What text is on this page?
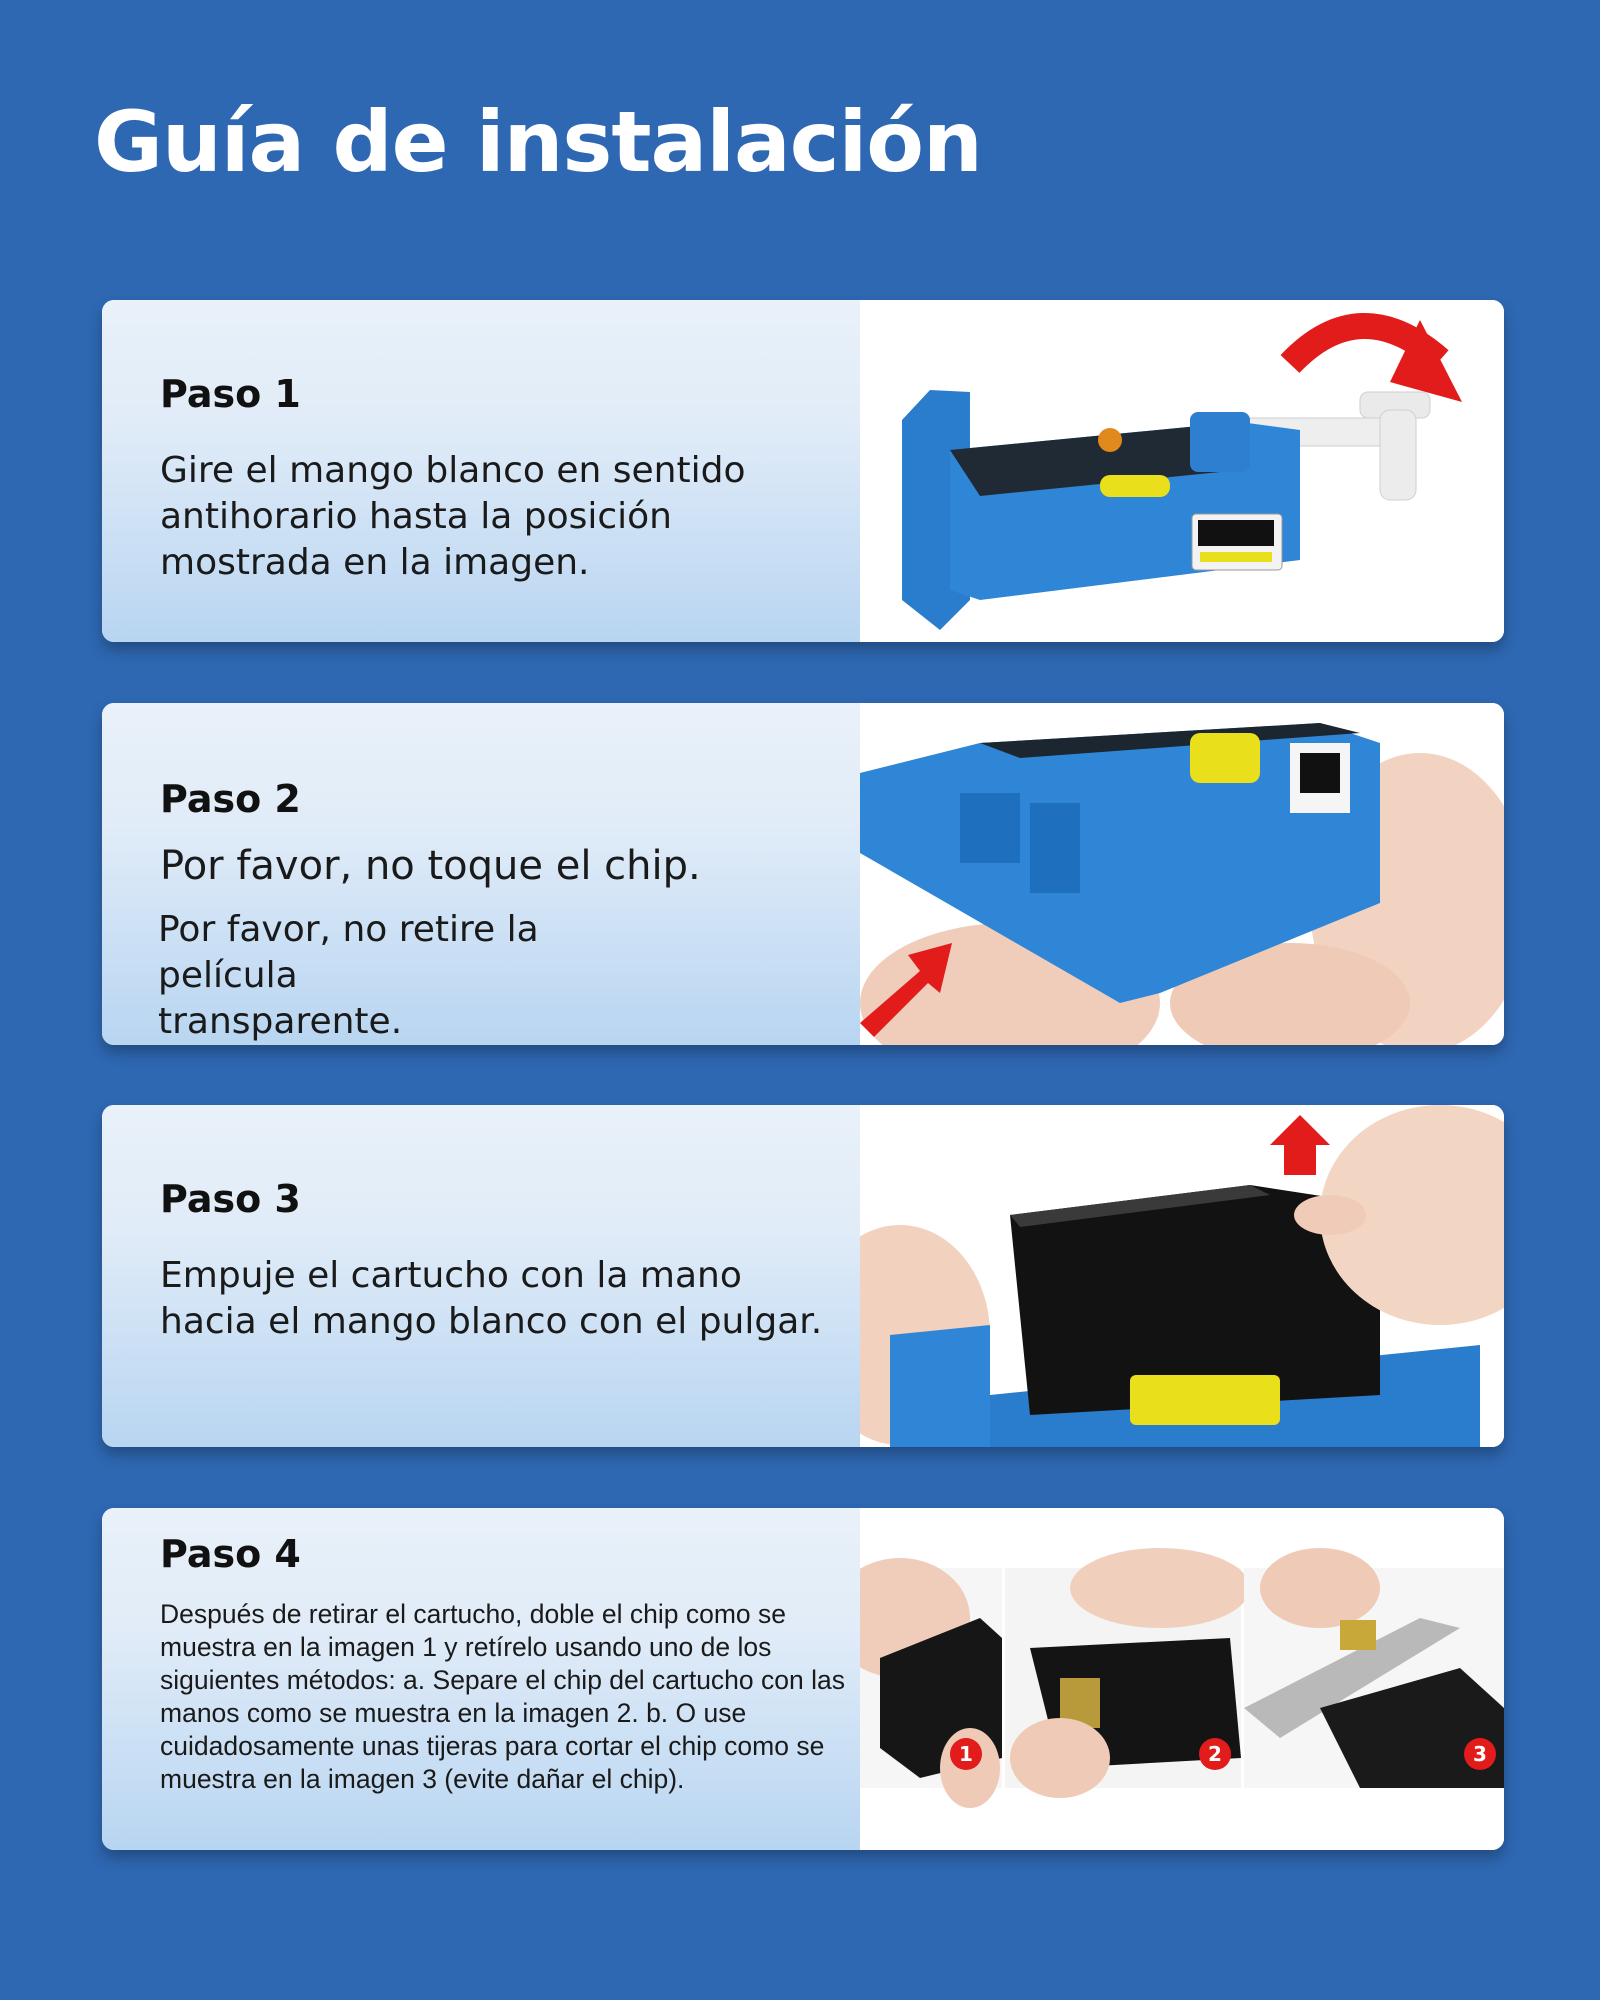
Guía de instalación
Paso 1

Gire el mango blanco en sentido antihorario hasta la posición mostrada en la imagen.

Paso 2

Por favor, no toque el chip.

Por favor, no retire la película transparente.

Paso 3

Empuje el cartucho con la mano hacia el mango blanco con el pulgar.

Paso 4

Después de retirar el cartucho, doble el chip como se muestra en la imagen 1 y retírelo usando uno de los siguientes métodos: a. Separe el chip del cartucho con las manos como se muestra en la imagen 2. b. O use cuidadosamente unas tijeras para cortar el chip como se muestra en la imagen 3 (evite dañar el chip).

1	2	3
